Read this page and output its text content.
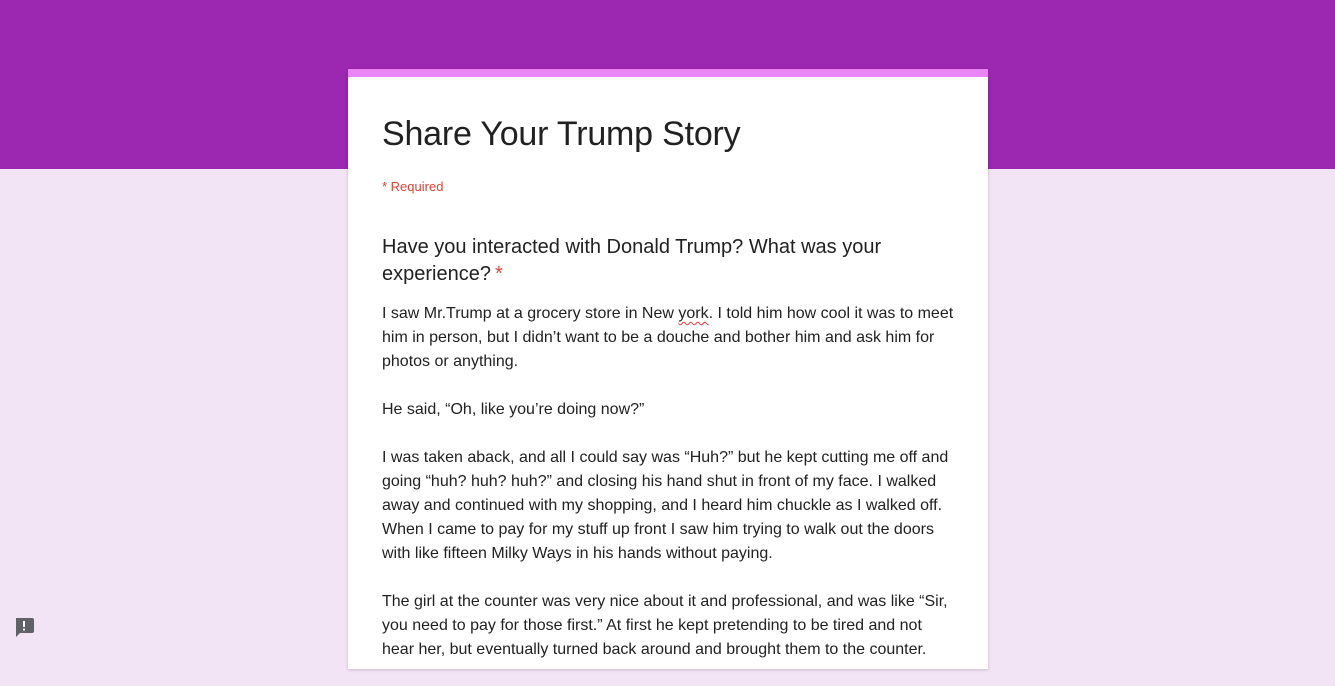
Share Your Trump Story
* Required
Have you interacted with Donald Trump? What was your experience? *

I saw Mr.Trump at a grocery store in New york. I told him how cool it was to meet him in person, but I didn’t want to be a douche and bother him and ask him for photos or anything.

He said, “Oh, like you’re doing now?”

I was taken aback, and all I could say was “Huh?” but he kept cutting me off and going “huh? huh? huh?” and closing his hand shut in front of my face. I walked away and continued with my shopping, and I heard him chuckle as I walked off. When I came to pay for my stuff up front I saw him trying to walk out the doors with like fifteen Milky Ways in his hands without paying.

The girl at the counter was very nice about it and professional, and was like “Sir, you need to pay for those first.” At first he kept pretending to be tired and not hear her, but eventually turned back around and brought them to the counter.
